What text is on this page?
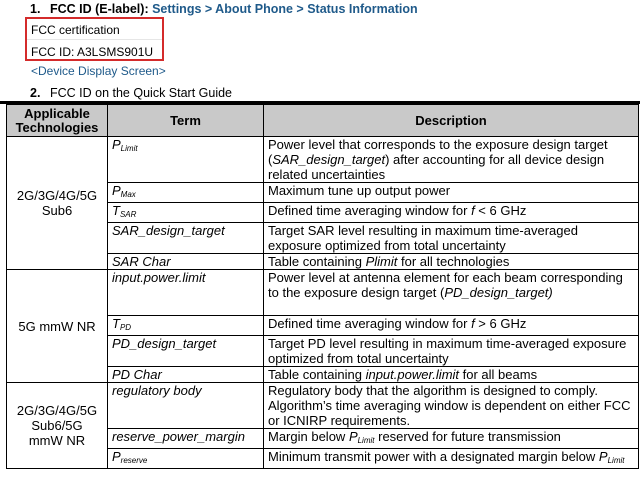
1. FCC ID (E-label): Settings > About Phone > Status Information
FCC certification
FCC ID: A3LSMS901U
<Device Display Screen>
2. FCC ID on the Quick Start Guide
Applicable
Technologies	Term	Description
2G/3G/4G/5G
Sub6	$P_{Limit}$	Power level that corresponds to the exposure design target (SAR_design_target) after accounting for all device design related uncertainties
	$P_{Max}$	Maximum tune up output power
	$T_{SAR}$	Defined time averaging window for f < 6 GHz
	SAR_design_target	Target SAR level resulting in maximum time-averaged exposure optimized from total uncertainty
	SAR Char	Table containing Plimit for all technologies
5G mmW NR	input.power.limit	Power level at antenna element for each beam corresponding to the exposure design target (PD_design_target)
	$T_{PD}$	Defined time averaging window for f > 6 GHz
	PD_design_target	Target PD level resulting in maximum time-averaged exposure optimized from total uncertainty
	PD Char	Table containing input.power.limit for all beams
2G/3G/4G/5G
Sub6/5G
mmW NR	regulatory body	Regulatory body that the algorithm is designed to comply. Algorithm’s time averaging window is dependent on either FCC or ICNIRP requirements.
	reserve_power_margin	Margin below $P_{Limit}$ reserved for future transmission
	$P_{reserve}$	Minimum transmit power with a designated margin below $P_{Limit}$
